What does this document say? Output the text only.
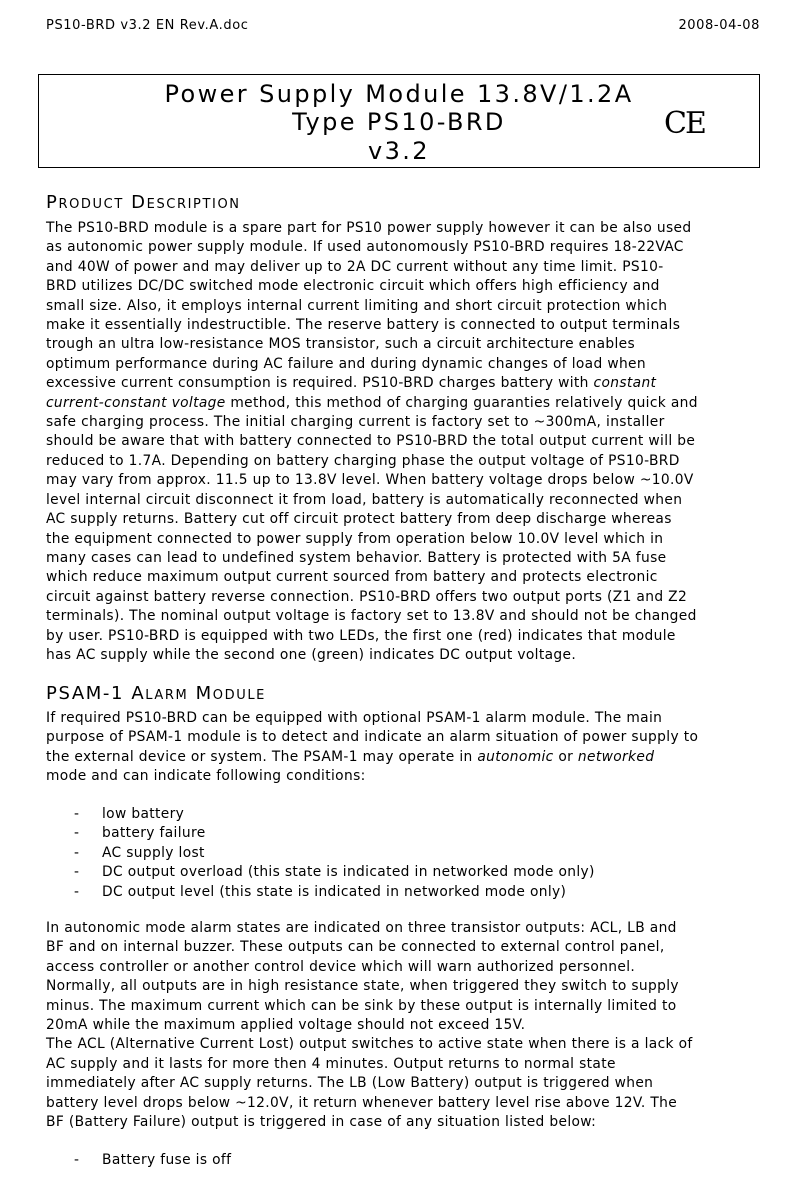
PS10-BRD v3.2 EN Rev.A.doc	2008-04-08
Power Supply Module 13.8V/1.2A
Type PS10-BRD
v3.2
CE
Product Description
The PS10-BRD module is a spare part for PS10 power supply however it can be also used
as autonomic power supply module. If used autonomously PS10-BRD requires 18-22VAC
and 40W of power and may deliver up to 2A DC current without any time limit. PS10-
BRD utilizes DC/DC switched mode electronic circuit which offers high efficiency and
small size. Also, it employs internal current limiting and short circuit protection which
make it essentially indestructible. The reserve battery is connected to output terminals
trough an ultra low-resistance MOS transistor, such a circuit architecture enables
optimum performance during AC failure and during dynamic changes of load when
excessive current consumption is required. PS10-BRD charges battery with constant
current-constant voltage method, this method of charging guaranties relatively quick and
safe charging process. The initial charging current is factory set to ~300mA, installer
should be aware that with battery connected to PS10-BRD the total output current will be
reduced to 1.7A. Depending on battery charging phase the output voltage of PS10-BRD
may vary from approx. 11.5 up to 13.8V level. When battery voltage drops below ~10.0V
level internal circuit disconnect it from load, battery is automatically reconnected when
AC supply returns. Battery cut off circuit protect battery from deep discharge whereas
the equipment connected to power supply from operation below 10.0V level which in
many cases can lead to undefined system behavior. Battery is protected with 5A fuse
which reduce maximum output current sourced from battery and protects electronic
circuit against battery reverse connection. PS10-BRD offers two output ports (Z1 and Z2
terminals). The nominal output voltage is factory set to 13.8V and should not be changed
by user. PS10-BRD is equipped with two LEDs, the first one (red) indicates that module
has AC supply while the second one (green) indicates DC output voltage.
PSAM-1 Alarm Module
If required PS10-BRD can be equipped with optional PSAM-1 alarm module. The main
purpose of PSAM-1 module is to detect and indicate an alarm situation of power supply to
the external device or system. The PSAM-1 may operate in autonomic or networked
mode and can indicate following conditions:
- low battery
- battery failure
- AC supply lost
- DC output overload (this state is indicated in networked mode only)
- DC output level (this state is indicated in networked mode only)
In autonomic mode alarm states are indicated on three transistor outputs: ACL, LB and
BF and on internal buzzer. These outputs can be connected to external control panel,
access controller or another control device which will warn authorized personnel.
Normally, all outputs are in high resistance state, when triggered they switch to supply
minus. The maximum current which can be sink by these output is internally limited to
20mA while the maximum applied voltage should not exceed 15V.
The ACL (Alternative Current Lost) output switches to active state when there is a lack of
AC supply and it lasts for more then 4 minutes. Output returns to normal state
immediately after AC supply returns. The LB (Low Battery) output is triggered when
battery level drops below ~12.0V, it return whenever battery level rise above 12V. The
BF (Battery Failure) output is triggered in case of any situation listed below:
- Battery fuse is off
